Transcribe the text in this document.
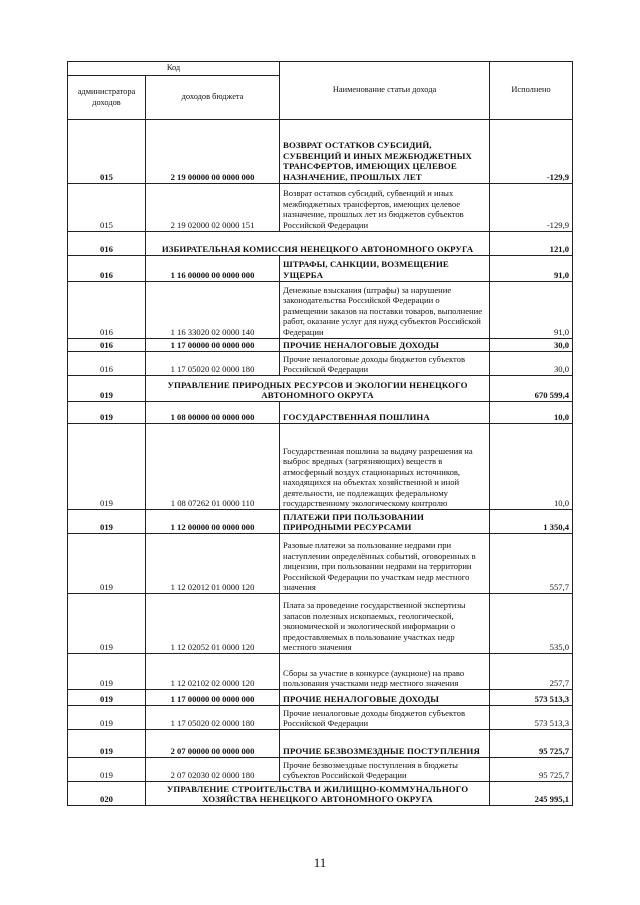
Код		Наименование статьи дохода	Исполнено
администратора доходов	доходов бюджета		
015	2 19 00000 00 0000 000	ВОЗВРАТ ОСТАТКОВ СУБСИДИЙ, СУБВЕНЦИЙ И ИНЫХ МЕЖБЮДЖЕТНЫХ ТРАНСФЕРТОВ, ИМЕЮЩИХ ЦЕЛЕВОЕ НАЗНАЧЕНИЕ, ПРОШЛЫХ ЛЕТ	-129,9
015	2 19 02000 02 0000 151	Возврат остатков субсидий, субвенций и иных межбюджетных трансфертов, имеющих целевое назначение, прошлых лет из бюджетов субъектов Российской Федерации	-129,9
016	ИЗБИРАТЕЛЬНАЯ КОМИССИЯ НЕНЕЦКОГО АВТОНОМНОГО ОКРУГА		121,0
016	1 16 00000 00 0000 000	ШТРАФЫ, САНКЦИИ, ВОЗМЕЩЕНИЕ УЩЕРБА	91,0
016	1 16 33020 02 0000 140	Денежные взыскания (штрафы) за нарушение законодательства Российской Федерации о размещении заказов на поставки товаров, выполнение работ, оказание услуг для нужд субъектов Российской Федерации	91,0
016	1 17 00000 00 0000 000	ПРОЧИЕ НЕНАЛОГОВЫЕ ДОХОДЫ	30,0
016	1 17 05020 02 0000 180	Прочие неналоговые доходы бюджетов субъектов Российской Федерации	30,0
019	УПРАВЛЕНИЕ ПРИРОДНЫХ РЕСУРСОВ И ЭКОЛОГИИ НЕНЕЦКОГО АВТОНОМНОГО ОКРУГА		670 599,4
019	1 08 00000 00 0000 000	ГОСУДАРСТВЕННАЯ ПОШЛИНА	10,0
019	1 08 07262 01 0000 110	Государственная пошлина за выдачу разрешения на выброс вредных (загрязняющих) веществ в атмосферный воздух стационарных источников, находящихся на объектах хозяйственной и иной деятельности, не подлежащих федеральному государственному экологическому контролю	10,0
019	1 12 00000 00 0000 000	ПЛАТЕЖИ ПРИ ПОЛЬЗОВАНИИ ПРИРОДНЫМИ РЕСУРСАМИ	1 350,4
019	1 12 02012 01 0000 120	Разовые платежи за пользование недрами при наступлении определённых событий, оговоренных в лицензии, при пользовании недрами на территории Российской Федерации по участкам недр местного значения	557,7
019	1 12 02052 01 0000 120	Плата за проведение государственной экспертизы запасов полезных ископаемых, геологической, экономической и экологической информации о предоставляемых в пользование участках недр местного значения	535,0
019	1 12 02102 02 0000 120	Сборы за участие в конкурсе (аукционе) на право пользования участками недр местного значения	257,7
019	1 17 00000 00 0000 000	ПРОЧИЕ НЕНАЛОГОВЫЕ ДОХОДЫ	573 513,3
019	1 17 05020 02 0000 180	Прочие неналоговые доходы бюджетов субъектов Российской Федерации	573 513,3
019	2 07 00000 00 0000 000	ПРОЧИЕ БЕЗВОЗМЕЗДНЫЕ ПОСТУПЛЕНИЯ	95 725,7
019	2 07 02030 02 0000 180	Прочие безвозмездные поступления в бюджеты субъектов Российской Федерации	95 725,7
020	УПРАВЛЕНИЕ СТРОИТЕЛЬСТВА И ЖИЛИЩНО-КОММУНАЛЬНОГО ХОЗЯЙСТВА НЕНЕЦКОГО АВТОНОМНОГО ОКРУГА		245 995,1
11
